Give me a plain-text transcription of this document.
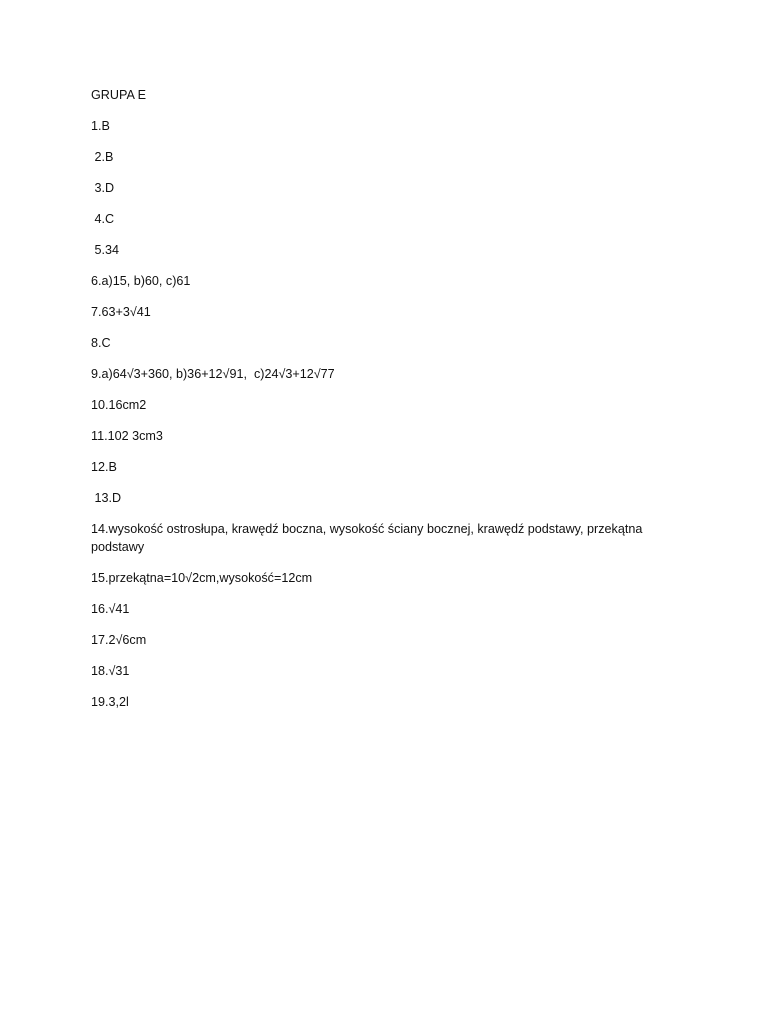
GRUPA E
1.B
2.B
3.D
4.C
5.34
6.a)15, b)60, c)61
7.63+3√41
8.C
9.a)64√3+360, b)36+12√91,  c)24√3+12√77
10.16cm2
11.102 3cm3
12.B
13.D
14.wysokość ostrosłupa, krawędź boczna, wysokość ściany bocznej, krawędź podstawy, przekątna podstawy
15.przekątna=10√2cm,wysokość=12cm
16.√41
17.2√6cm
18.√31
19.3,2l
